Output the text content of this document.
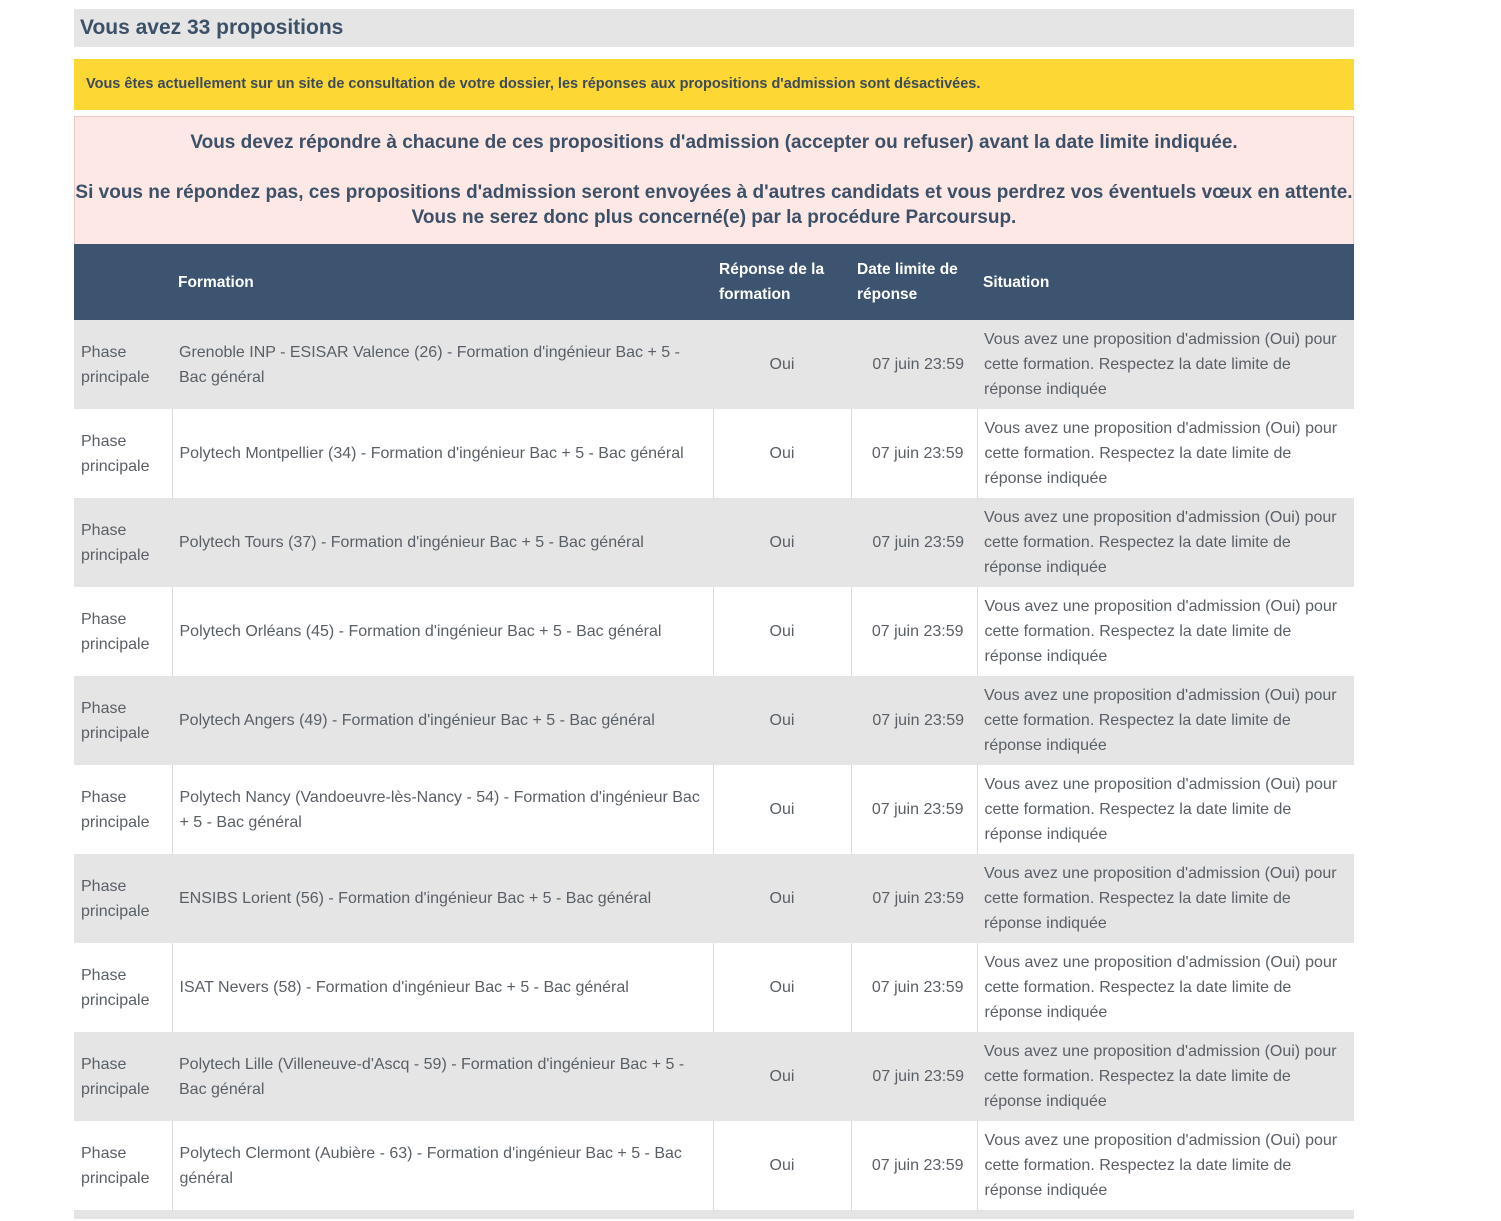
Vous avez 33 propositions
Vous êtes actuellement sur un site de consultation de votre dossier, les réponses aux propositions d'admission sont désactivées.

Vous devez répondre à chacune de ces propositions d'admission (accepter ou refuser) avant la date limite indiquée.

Si vous ne répondez pas, ces propositions d'admission seront envoyées à d'autres candidats et vous perdrez vos éventuels vœux en attente. Vous ne serez donc plus concerné(e) par la procédure Parcoursup.

	Formation	Réponse de la formation	Date limite de réponse	Situation
Phase principale	Grenoble INP - ESISAR Valence (26) - Formation d'ingénieur Bac + 5 - Bac général	Oui	07 juin 23:59	Vous avez une proposition d'admission (Oui) pour cette formation. Respectez la date limite de réponse indiquée
Phase principale	Polytech Montpellier (34) - Formation d'ingénieur Bac + 5 - Bac général	Oui	07 juin 23:59	Vous avez une proposition d'admission (Oui) pour cette formation. Respectez la date limite de réponse indiquée
Phase principale	Polytech Tours (37) - Formation d'ingénieur Bac + 5 - Bac général	Oui	07 juin 23:59	Vous avez une proposition d'admission (Oui) pour cette formation. Respectez la date limite de réponse indiquée
Phase principale	Polytech Orléans (45) - Formation d'ingénieur Bac + 5 - Bac général	Oui	07 juin 23:59	Vous avez une proposition d'admission (Oui) pour cette formation. Respectez la date limite de réponse indiquée
Phase principale	Polytech Angers (49) - Formation d'ingénieur Bac + 5 - Bac général	Oui	07 juin 23:59	Vous avez une proposition d'admission (Oui) pour cette formation. Respectez la date limite de réponse indiquée
Phase principale	Polytech Nancy (Vandoeuvre-lès-Nancy - 54) - Formation d'ingénieur Bac + 5 - Bac général	Oui	07 juin 23:59	Vous avez une proposition d'admission (Oui) pour cette formation. Respectez la date limite de réponse indiquée
Phase principale	ENSIBS Lorient (56) - Formation d'ingénieur Bac + 5 - Bac général	Oui	07 juin 23:59	Vous avez une proposition d'admission (Oui) pour cette formation. Respectez la date limite de réponse indiquée
Phase principale	ISAT Nevers (58) - Formation d'ingénieur Bac + 5 - Bac général	Oui	07 juin 23:59	Vous avez une proposition d'admission (Oui) pour cette formation. Respectez la date limite de réponse indiquée
Phase principale	Polytech Lille (Villeneuve-d'Ascq - 59) - Formation d'ingénieur Bac + 5 - Bac général	Oui	07 juin 23:59	Vous avez une proposition d'admission (Oui) pour cette formation. Respectez la date limite de réponse indiquée
Phase principale	Polytech Clermont (Aubière - 63) - Formation d'ingénieur Bac + 5 - Bac général	Oui	07 juin 23:59	Vous avez une proposition d'admission (Oui) pour cette formation. Respectez la date limite de réponse indiquée
